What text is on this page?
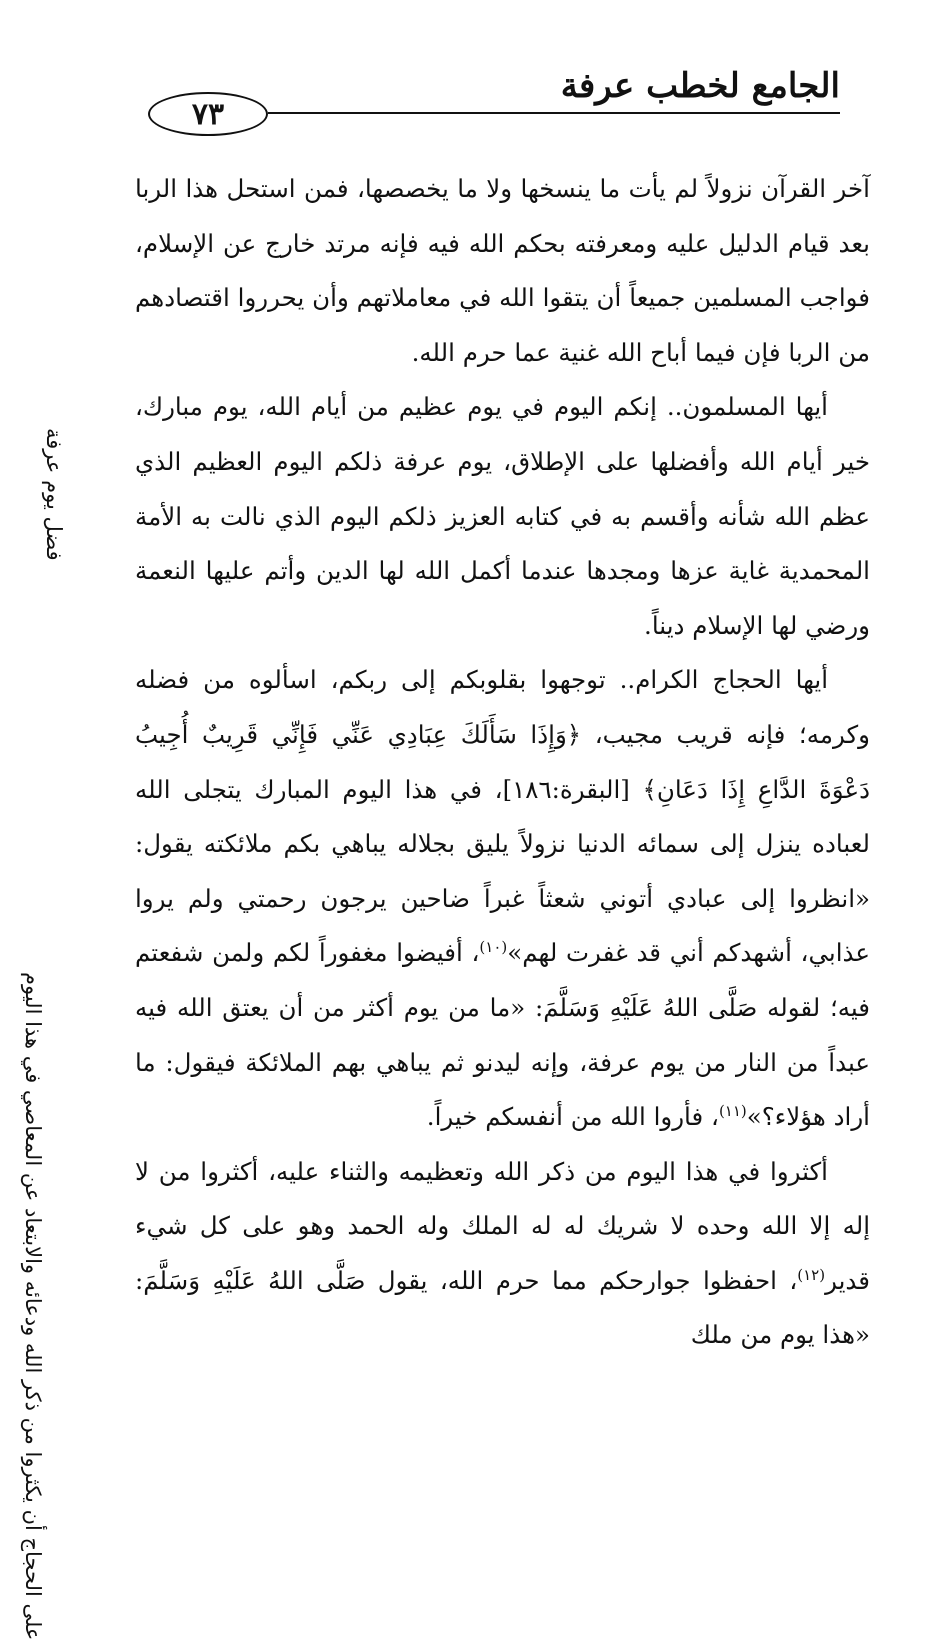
٧٣
الجامع لخطب عرفة
فضل يوم عرفة
على الحجاج أن يكثروا من ذكر الله ودعائه والابتعاد عن المعاصي في هذا اليوم

آخر القرآن نزولاً لم يأت ما ينسخها ولا ما يخصصها، فمن استحل هذا الربا بعد قيام الدليل عليه ومعرفته بحكم الله فيه فإنه مرتد خارج عن الإسلام، فواجب المسلمين جميعاً أن يتقوا الله في معاملاتهم وأن يحرروا اقتصادهم من الربا فإن فيما أباح الله غنية عما حرم الله.

أيها المسلمون.. إنكم اليوم في يوم عظيم من أيام الله، يوم مبارك، خير أيام الله وأفضلها على الإطلاق، يوم عرفة ذلكم اليوم العظيم الذي عظم الله شأنه وأقسم به في كتابه العزيز ذلكم اليوم الذي نالت به الأمة المحمدية غاية عزها ومجدها عندما أكمل الله لها الدين وأتم عليها النعمة ورضي لها الإسلام ديناً.

أيها الحجاج الكرام.. توجهوا بقلوبكم إلى ربكم، اسألوه من فضله وكرمه؛ فإنه قريب مجيب، ﴿وَإِذَا سَأَلَكَ عِبَادِي عَنِّي فَإِنِّي قَرِيبٌ أُجِيبُ دَعْوَةَ الدَّاعِ إِذَا دَعَانِ﴾ [البقرة:١٨٦]، في هذا اليوم المبارك يتجلى الله لعباده ينزل إلى سمائه الدنيا نزولاً يليق بجلاله يباهي بكم ملائكته يقول: «انظروا إلى عبادي أتوني شعثاً غبراً ضاحين يرجون رحمتي ولم يروا عذابي، أشهدكم أني قد غفرت لهم»$^{(١٠)}$، أفيضوا مغفوراً لكم ولمن شفعتم فيه؛ لقوله صَلَّى اللهُ عَلَيْهِ وَسَلَّمَ: «ما من يوم أكثر من أن يعتق الله فيه عبداً من النار من يوم عرفة، وإنه ليدنو ثم يباهي بهم الملائكة فيقول: ما أراد هؤلاء؟»$^{(١١)}$، فأروا الله من أنفسكم خيراً.

أكثروا في هذا اليوم من ذكر الله وتعظيمه والثناء عليه، أكثروا من لا إله إلا الله وحده لا شريك له له الملك وله الحمد وهو على كل شيء قدير$^{(١٢)}$، احفظوا جوارحكم مما حرم الله، يقول صَلَّى اللهُ عَلَيْهِ وَسَلَّمَ: «هذا يوم من ملك
